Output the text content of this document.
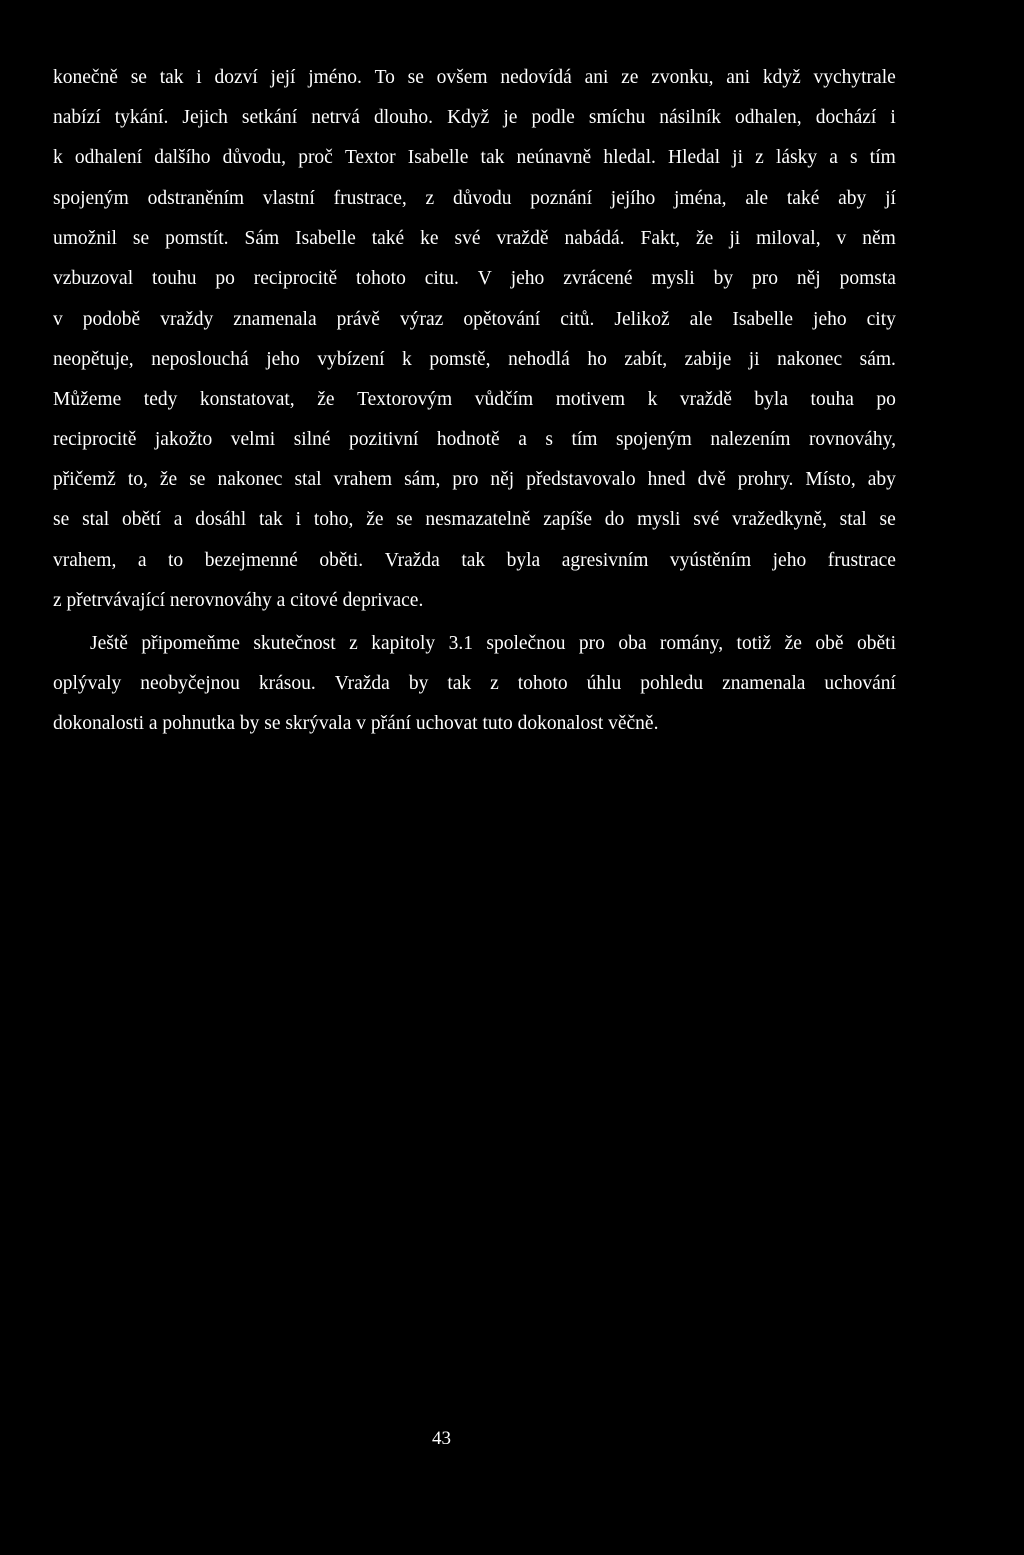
konečně se tak i dozví její jméno. To se ovšem nedovídá ani ze zvonku, ani když vychytrale
nabízí tykání. Jejich setkání netrvá dlouho. Když je podle smíchu násilník odhalen, dochází i
k odhalení dalšího důvodu, proč Textor Isabelle tak neúnavně hledal. Hledal ji z lásky a s tím
spojeným odstraněním vlastní frustrace, z důvodu poznání jejího jména, ale také aby jí
umožnil se pomstít. Sám Isabelle také ke své vraždě nabádá. Fakt, že ji miloval, v něm
vzbuzoval touhu po reciprocitě tohoto citu. V jeho zvrácené mysli by pro něj pomsta
v podobě vraždy znamenala právě výraz opětování citů. Jelikož ale Isabelle jeho city
neopětuje, neposlouchá jeho vybízení k pomstě, nehodlá ho zabít, zabije ji nakonec sám.
Můžeme tedy konstatovat, že Textorovým vůdčím motivem k vraždě byla touha po
reciprocitě jakožto velmi silné pozitivní hodnotě a s tím spojeným nalezením rovnováhy,
přičemž to, že se nakonec stal vrahem sám, pro něj představovalo hned dvě prohry. Místo, aby
se stal obětí a dosáhl tak i toho, že se nesmazatelně zapíše do mysli své vražedkyně, stal se
vrahem, a to bezejmenné oběti. Vražda tak byla agresivním vyústěním jeho frustrace
z přetrvávající nerovnováhy a citové deprivace.
Ještě připomeňme skutečnost z kapitoly 3.1 společnou pro oba romány, totiž že obě oběti
oplývaly neobyčejnou krásou. Vražda by tak z tohoto úhlu pohledu znamenala uchování
dokonalosti a pohnutka by se skrývala v přání uchovat tuto dokonalost věčně.
43
